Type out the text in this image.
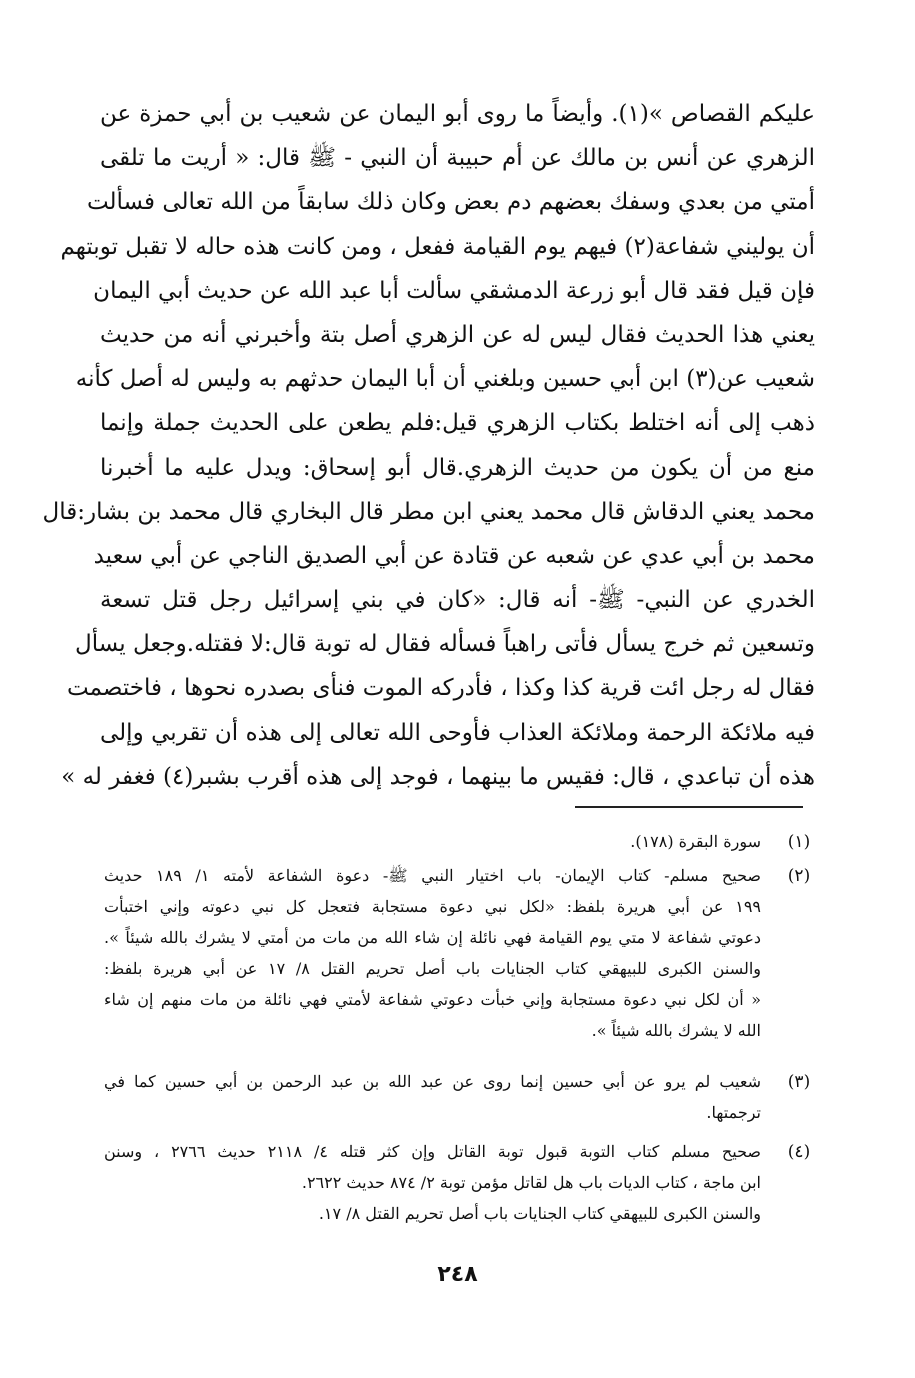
عليكم القصاص »(١). وأيضاً ما روى أبو اليمان عن شعيب بن أبي حمزة عن
الزهري عن أنس بن مالك عن أم حبيبة أن النبي - ﷺ قال: « أريت ما تلقى
أمتي من بعدي وسفك بعضهم دم بعض وكان ذلك سابقاً من الله تعالى فسألت
أن يوليني شفاعة(٢) فيهم يوم القيامة ففعل ، ومن كانت هذه حاله لا تقبل توبتهم
فإن قيل فقد قال أبو زرعة الدمشقي سألت أبا عبد الله عن حديث أبي اليمان
يعني هذا الحديث فقال ليس له عن الزهري أصل بتة وأخبرني أنه من حديث
شعيب عن(٣) ابن أبي حسين وبلغني أن أبا اليمان حدثهم به وليس له أصل كأنه
ذهب إلى أنه اختلط بكتاب الزهري قيل:فلم يطعن على الحديث جملة وإنما
منع من أن يكون من حديث الزهري.قال أبو إسحاق: ويدل عليه ما أخبرنا
محمد يعني الدقاش قال محمد يعني ابن مطر قال البخاري قال محمد بن بشار:قال
محمد بن أبي عدي عن شعبه عن قتادة عن أبي الصديق الناجي عن أبي سعيد
الخدري عن النبي- ﷺ- أنه قال: «كان في بني إسرائيل رجل قتل تسعة
وتسعين ثم خرج يسأل فأتى راهباً فسأله فقال له توبة قال:لا فقتله.وجعل يسأل
فقال له رجل ائت قرية كذا وكذا ، فأدركه الموت فنأى بصدره نحوها ، فاختصمت
فيه ملائكة الرحمة وملائكة العذاب فأوحى الله تعالى إلى هذه أن تقربي وإلى
هذه أن تباعدي ، قال: فقيس ما بينهما ، فوجد إلى هذه أقرب بشبر(٤) فغفر له »
(١)
سورة البقرة (١٧٨).
(٢)
صحيح مسلم- كتاب الإيمان- باب اختيار النبي ﷺ- دعوة الشفاعة لأمته ١/ ١٨٩ حديث
١٩٩ عن أبي هريرة بلفظ: «لكل نبي دعوة مستجابة فتعجل كل نبي دعوته وإني اختبأت
دعوتي شفاعة لا متي يوم القيامة فهي نائلة إن شاء الله من مات من أمتي لا يشرك بالله شيئاً ».
والسنن الكبرى للبيهقي كتاب الجنايات باب أصل تحريم القتل ٨/ ١٧ عن أبي هريرة بلفظ:
« أن لكل نبي دعوة مستجابة وإني خبأت دعوتي شفاعة لأمتي فهي نائلة من مات منهم إن شاء
الله لا يشرك بالله شيئاً ».
(٣)
شعيب لم يرو عن أبي حسين إنما روى عن عبد الله بن عبد الرحمن بن أبي حسين كما في
ترجمتها.
(٤)
صحيح مسلم كتاب التوبة قبول توبة القاتل وإن كثر قتله ٤/ ٢١١٨ حديث ٢٧٦٦ ، وسنن
ابن ماجة ، كتاب الديات باب هل لقاتل مؤمن توبة ٢/ ٨٧٤ حديث ٢٦٢٢.
والسنن الكبرى للبيهقي كتاب الجنايات باب أصل تحريم القتل ٨/ ١٧.
٢٤٨
